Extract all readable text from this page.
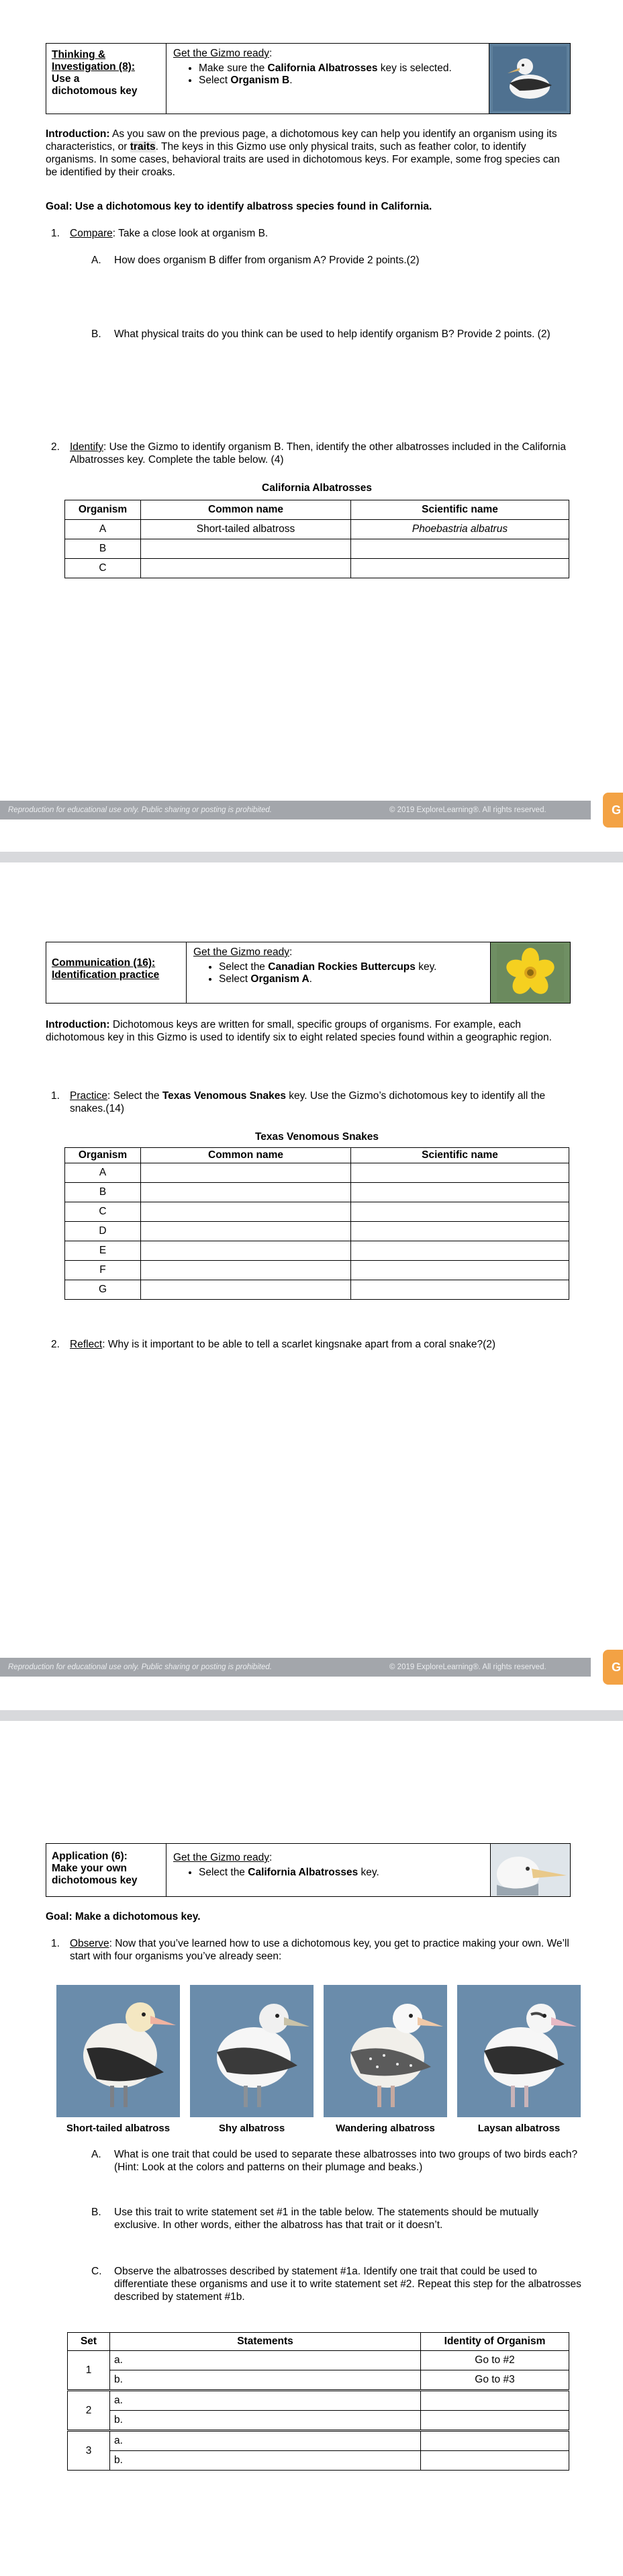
Thinking &
Investigation (8):
Use a
dichotomous key
Get the Gizmo ready:
• Make sure the California Albatrosses key is selected.
• Select Organism B.

Introduction: As you saw on the previous page, a dichotomous key can help you identify an organism using its characteristics, or traits. The keys in this Gizmo use only physical traits, such as feather color, to identify organisms. In some cases, behavioral traits are used in dichotomous keys. For example, some frog species can be identified by their croaks.

Goal: Use a dichotomous key to identify albatross species found in California.
1. Compare: Take a close look at organism B.
A. How does organism B differ from organism A? Provide 2 points.(2)
B. What physical traits do you think can be used to help identify organism B? Provide 2 points. (2)
2. Identify: Use the Gizmo to identify organism B. Then, identify the other albatrosses included in the California Albatrosses key. Complete the table below. (4)
California Albatrosses
Organism	Common name	Scientific name
A	Short-tailed albatross	Phoebastria albatrus
B		
C		
Reproduction for educational use only. Public sharing or posting is prohibited.	© 2019 ExploreLearning®. All rights reserved.	G
Communication (16):
Identification practice
Get the Gizmo ready:
• Select the Canadian Rockies Buttercups key.
• Select Organism A.

Introduction: Dichotomous keys are written for small, specific groups of organisms. For example, each dichotomous key in this Gizmo is used to identify six to eight related species found within a geographic region.

1. Practice: Select the Texas Venomous Snakes key. Use the Gizmo’s dichotomous key to identify all the snakes.(14)
Texas Venomous Snakes
Organism	Common name	Scientific name
A		
B		
C		
D		
E		
F		
G		
2. Reflect: Why is it important to be able to tell a scarlet kingsnake apart from a coral snake?(2)
Reproduction for educational use only. Public sharing or posting is prohibited.	© 2019 ExploreLearning®. All rights reserved.	G
Application (6):
Make your own
dichotomous key
Get the Gizmo ready:
• Select the California Albatrosses key.
Goal: Make a dichotomous key.
1. Observe: Now that you’ve learned how to use a dichotomous key, you get to practice making your own. We’ll start with four organisms you’ve already seen:
Short-tailed albatross	Shy albatross	Wandering albatross	Laysan albatross
A. What is one trait that could be used to separate these albatrosses into two groups of two birds each? (Hint: Look at the colors and patterns on their plumage and beaks.)
B. Use this trait to write statement set #1 in the table below. The statements should be mutually exclusive. In other words, either the albatross has that trait or it doesn’t.
C. Observe the albatrosses described by statement #1a. Identify one trait that could be used to differentiate these organisms and use it to write statement set #2. Repeat this step for the albatrosses described by statement #1b.
Set	Statements	Identity of Organism
1	a.	Go to #2
	b.	Go to #3
2	a.	
	b.	
3	a.	
	b.	
